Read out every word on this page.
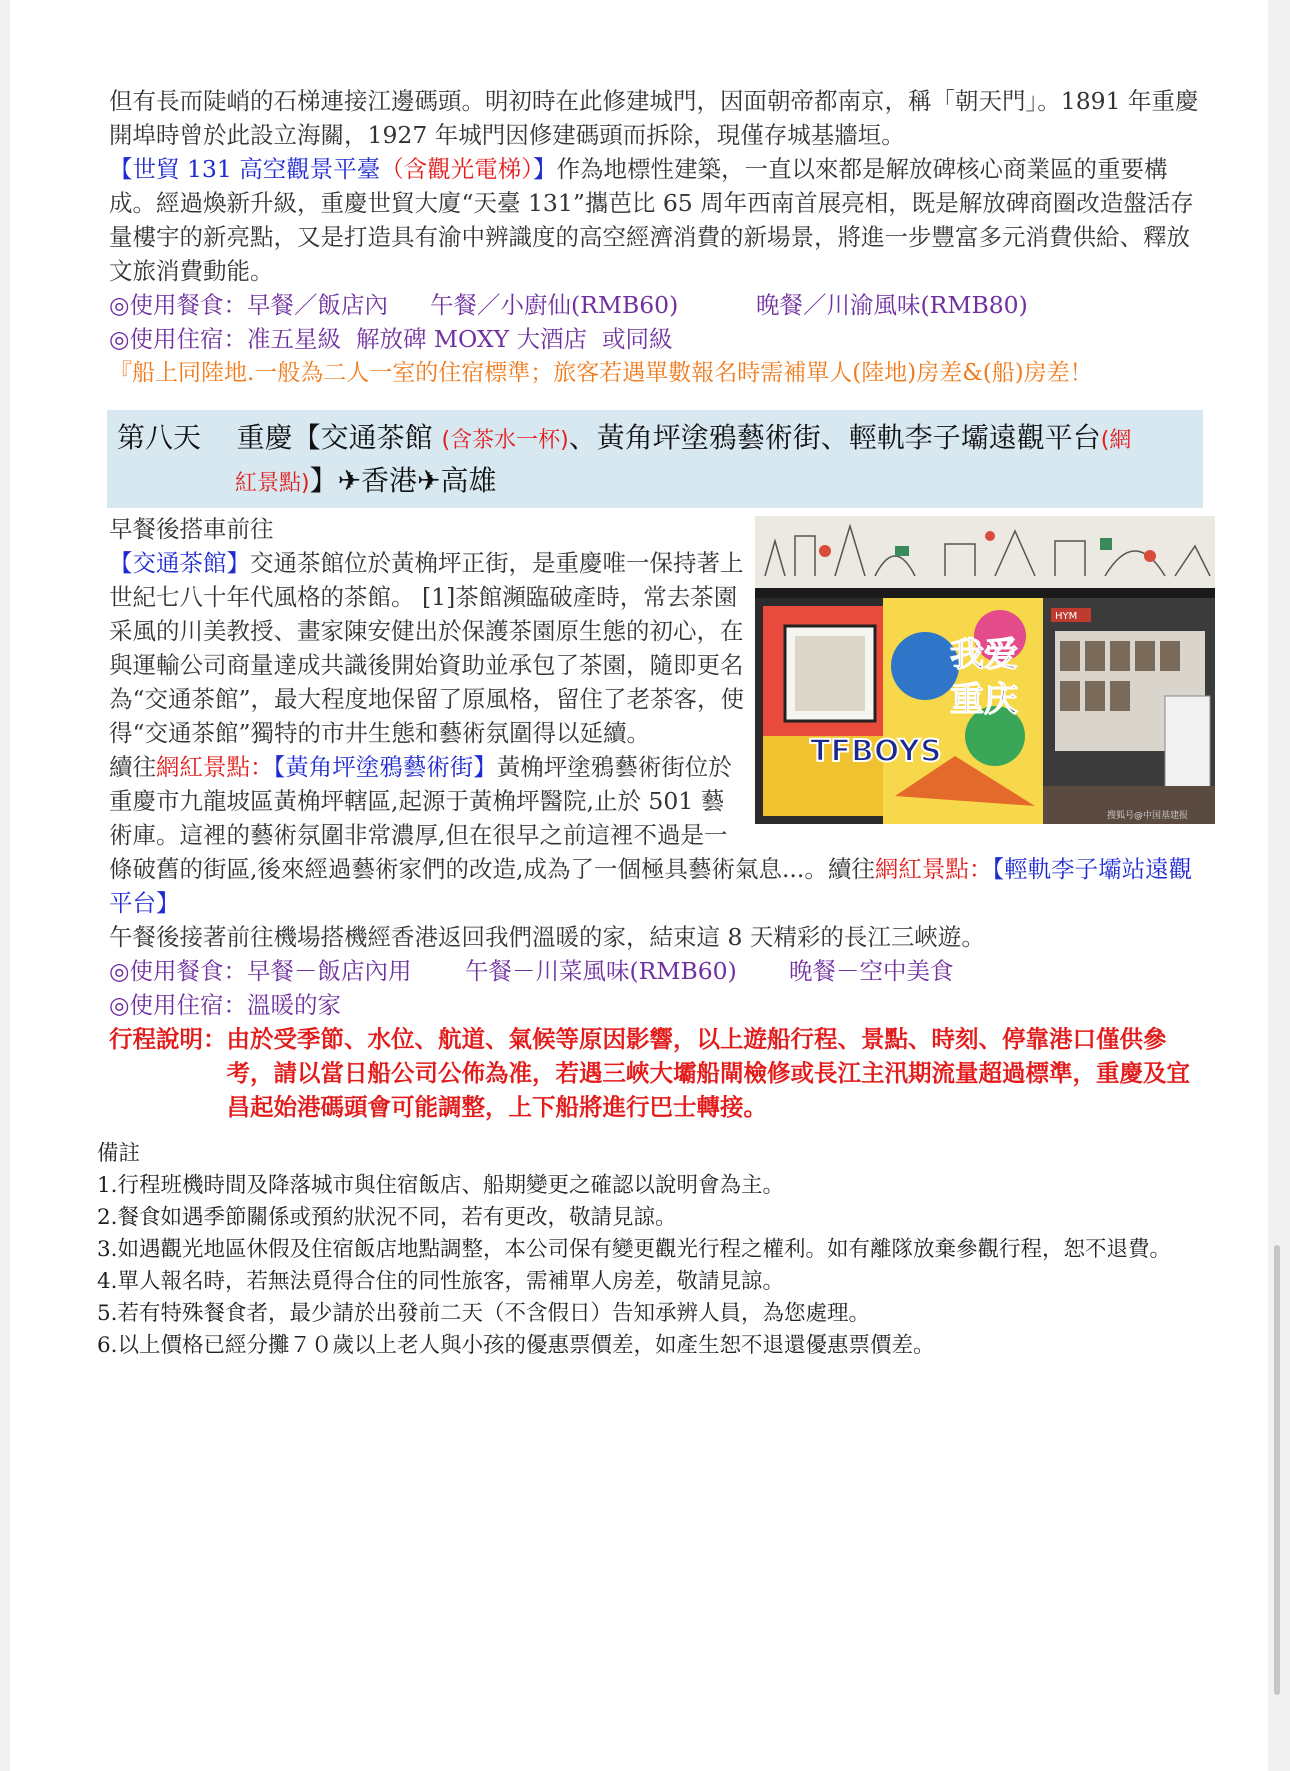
但有長而陡峭的石梯連接江邊碼頭。明初時在此修建城門，因面朝帝都南京，稱「朝天門」。1891 年重慶開埠時曾於此設立海關，1927 年城門因修建碼頭而拆除，現僅存城基牆垣。

【世貿 131 高空觀景平臺（含觀光電梯）】作為地標性建築，一直以來都是解放碑核心商業區的重要構成。經過煥新升級，重慶世貿大廈“天臺 131”攜芭比 65 周年西南首展亮相，既是解放碑商圈改造盤活存量樓宇的新亮點，又是打造具有渝中辨識度的高空經濟消費的新場景，將進一步豐富多元消費供給、釋放文旅消費動能。

◎使用餐食： 早餐／飯店內	午餐／小廚仙(RMB60)	晚餐／川渝風味(RMB80)
◎使用住宿： 准五星級  解放碑 MOXY 大酒店  或同級

『船上同陸地.一般為二人一室的住宿標準；旅客若遇單數報名時需補單人(陸地)房差&(船)房差！

第八天 重慶【交通茶館 (含茶水一杯)、黃角坪塗鴉藝術街、輕軌李子壩遠觀平台(網
紅景點)】✈香港✈高雄
我爱
重庆
TFBOYS
HYM
搜狐号@中国基建报

早餐後搭車前往

【交通茶館】交通茶館位於黃桷坪正街，是重慶唯一保持著上世紀七八十年代風格的茶館。 [1]茶館瀕臨破產時，常去茶園采風的川美教授、畫家陳安健出於保護茶園原生態的初心，在與運輸公司商量達成共識後開始資助並承包了茶園，隨即更名為“交通茶館”，最大程度地保留了原風格，留住了老茶客，使得“交通茶館”獨特的市井生態和藝術氛圍得以延續。

續往網紅景點：【黃角坪塗鴉藝術街】黃桷坪塗鴉藝術街位於重慶市九龍坡區黃桷坪轄區,起源于黃桷坪醫院,止於 501 藝術庫。這裡的藝術氛圍非常濃厚,但在很早之前這裡不過是一條破舊的街區,後來經過藝術家們的改造,成為了一個極具藝術氣息...。續往網紅景點：【輕軌李子壩站遠觀平台】

午餐後接著前往機場搭機經香港返回我們溫暖的家，結束這 8 天精彩的長江三峽遊。

◎使用餐食： 早餐－飯店內用	午餐－川菜風味(RMB60)	晚餐－空中美食
◎使用住宿： 溫暖的家
行程說明： 由於受季節、水位、航道、氣候等原因影響，以上遊船行程、景點、時刻、停靠港口僅供參考，請以當日船公司公佈為准，若遇三峽大壩船閘檢修或長江主汛期流量超過標準，重慶及宜昌起始港碼頭會可能調整，上下船將進行巴士轉接。
備註
1.行程班機時間及降落城市與住宿飯店、船期變更之確認以說明會為主。
2.餐食如遇季節關係或預約狀況不同，若有更改，敬請見諒。
3.如遇觀光地區休假及住宿飯店地點調整，本公司保有變更觀光行程之權利。如有離隊放棄參觀行程，恕不退費。
4.單人報名時，若無法覓得合住的同性旅客，需補單人房差，敬請見諒。
5.若有特殊餐食者，最少請於出發前二天（不含假日）告知承辨人員，為您處理。
6.以上價格已經分攤７０歲以上老人與小孩的優惠票價差，如產生恕不退還優惠票價差。
